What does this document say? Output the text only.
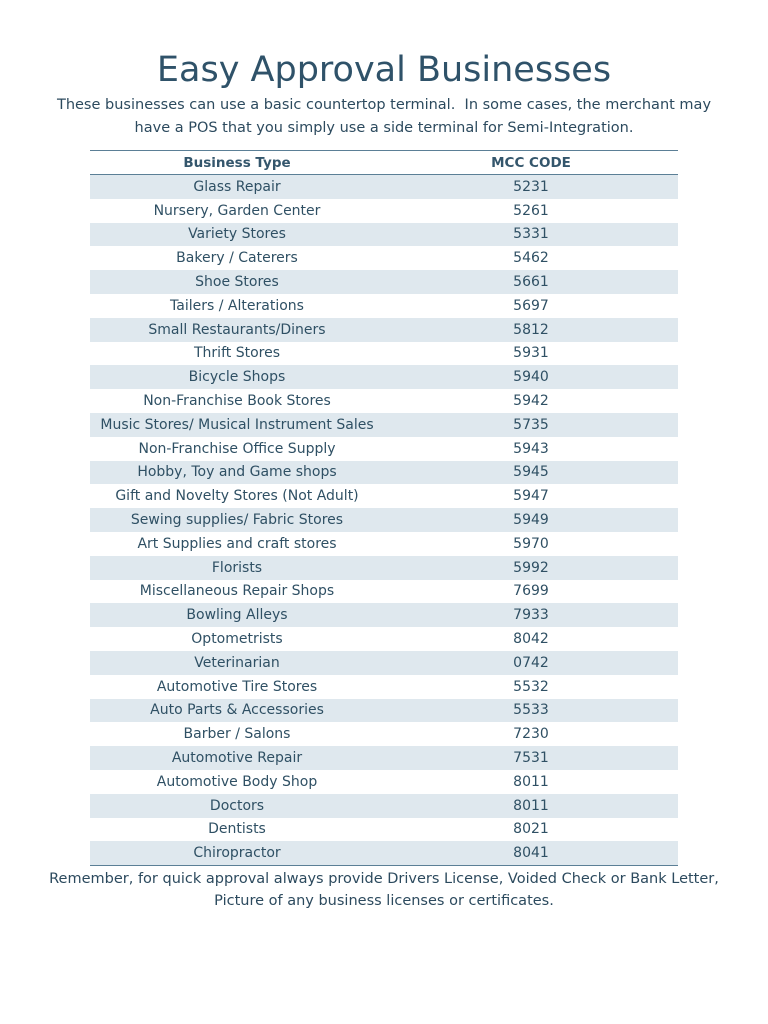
Easy Approval Businesses
These businesses can use a basic countertop terminal.  In some cases, the merchant may
have a POS that you simply use a side terminal for Semi-Integration.
Business Type	MCC CODE
Glass Repair	5231
Nursery, Garden Center	5261
Variety Stores	5331
Bakery / Caterers	5462
Shoe Stores	5661
Tailers / Alterations	5697
Small Restaurants/Diners	5812
Thrift Stores	5931
Bicycle Shops	5940
Non-Franchise Book Stores	5942
Music Stores/ Musical Instrument Sales	5735
Non-Franchise Office Supply	5943
Hobby, Toy and Game shops	5945
Gift and Novelty Stores (Not Adult)	5947
Sewing supplies/ Fabric Stores	5949
Art Supplies and craft stores	5970
Florists	5992
Miscellaneous Repair Shops	7699
Bowling Alleys	7933
Optometrists	8042
Veterinarian	0742
Automotive Tire Stores	5532
Auto Parts & Accessories	5533
Barber / Salons	7230
Automotive Repair	7531
Automotive Body Shop	8011
Doctors	8011
Dentists	8021
Chiropractor	8041
Remember, for quick approval always provide Drivers License, Voided Check or Bank Letter,
Picture of any business licenses or certificates.
